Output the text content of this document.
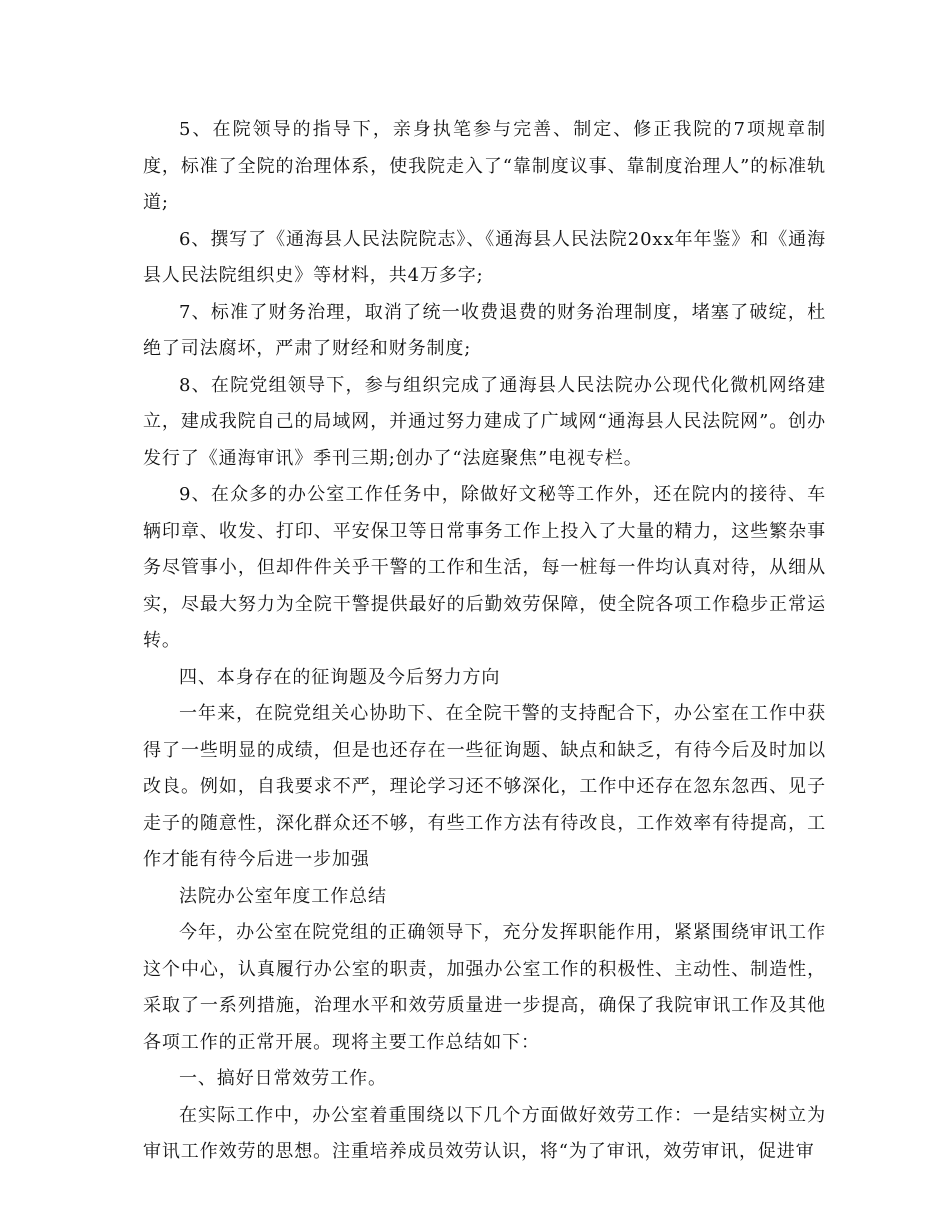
5、在院领导的指导下，亲身执笔参与完善、制定、修正我院的7项规章制度，标准了全院的治理体系，使我院走入了“靠制度议事、靠制度治理人”的标准轨道;

6、撰写了《通海县人民法院院志》、《通海县人民法院20xx年年鉴》和《通海县人民法院组织史》等材料，共4万多字;

7、标准了财务治理，取消了统一收费退费的财务治理制度，堵塞了破绽，杜绝了司法腐坏，严肃了财经和财务制度;

8、在院党组领导下，参与组织完成了通海县人民法院办公现代化微机网络建立，建成我院自己的局域网，并通过努力建成了广域网“通海县人民法院网”。创办发行了《通海审讯》季刊三期;创办了“法庭聚焦”电视专栏。

9、在众多的办公室工作任务中，除做好文秘等工作外，还在院内的接待、车辆印章、收发、打印、平安保卫等日常事务工作上投入了大量的精力，这些繁杂事务尽管事小，但却件件关乎干警的工作和生活，每一桩每一件均认真对待，从细从实，尽最大努力为全院干警提供最好的后勤效劳保障，使全院各项工作稳步正常运转。

四、本身存在的征询题及今后努力方向

一年来，在院党组关心协助下、在全院干警的支持配合下，办公室在工作中获得了一些明显的成绩，但是也还存在一些征询题、缺点和缺乏，有待今后及时加以改良。例如，自我要求不严，理论学习还不够深化，工作中还存在忽东忽西、见子走子的随意性，深化群众还不够，有些工作方法有待改良，工作效率有待提高，工作才能有待今后进一步加强

法院办公室年度工作总结

今年，办公室在院党组的正确领导下，充分发挥职能作用，紧紧围绕审讯工作这个中心，认真履行办公室的职责，加强办公室工作的积极性、主动性、制造性，采取了一系列措施，治理水平和效劳质量进一步提高，确保了我院审讯工作及其他各项工作的正常开展。现将主要工作总结如下：

一、搞好日常效劳工作。

在实际工作中，办公室着重围绕以下几个方面做好效劳工作：一是结实树立为审讯工作效劳的思想。注重培养成员效劳认识，将“为了审讯，效劳审讯，促进审
